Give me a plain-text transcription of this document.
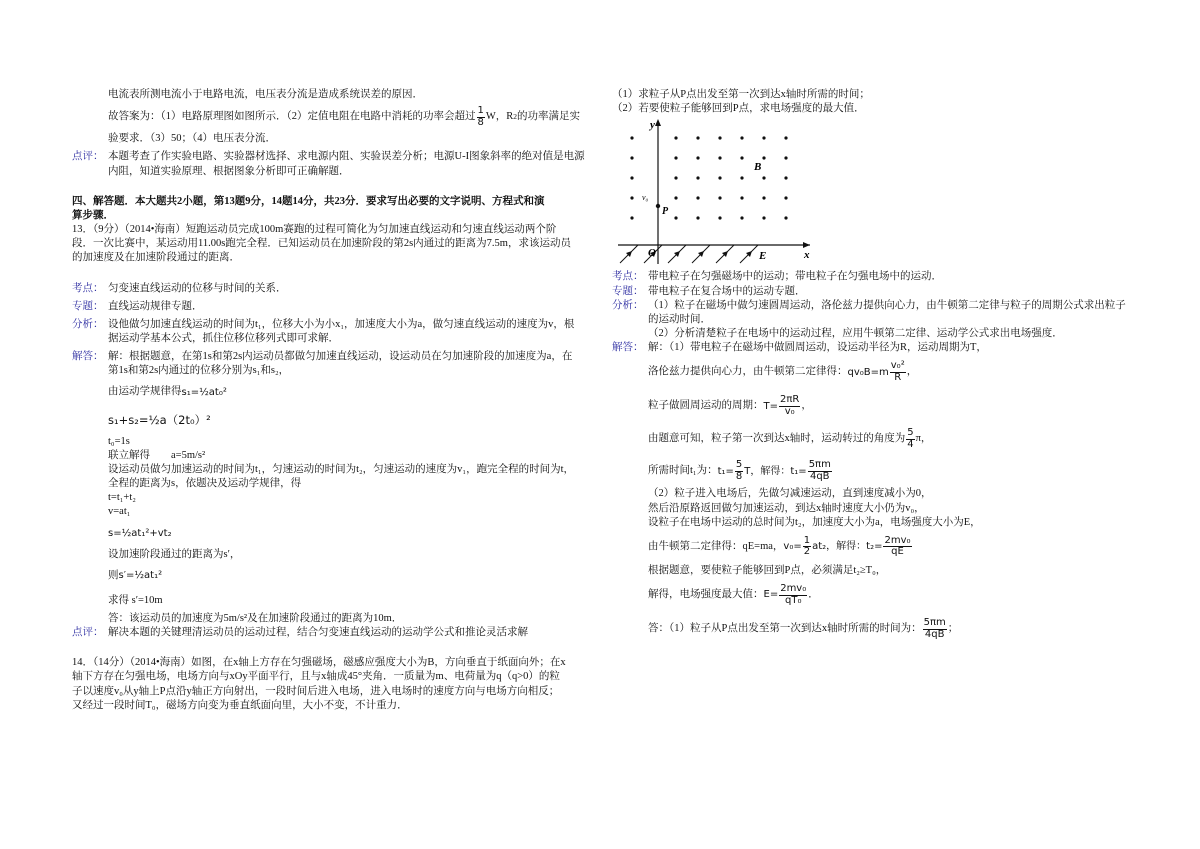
电流表所测电流小于电路电流，电压表分流是造成系统误差的原因．

故答案为：（1）电路原理图如图所示．（2）定值电阻在电路中消耗的功率会超过 $\frac{1}{8}$ W，R 2 的功率满足实

验要求．（3）50；（4）电压表分流．

点评： 本题考查了作实验电路、实验器材选择、求电源内阻、实验误差分析；电源U-I图象斜率的绝对值是电源

内阻，知道实验原理、根据图象分析即可正确解题．

四、解答题．本大题共2小题，第13题9分，14题14分，共23分．要求写出必要的文字说明、方程式和演

算步骤．

13．（9分）（2014•海南）短跑运动员完成100m赛跑的过程可简化为匀加速直线运动和匀速直线运动两个阶

段．一次比赛中，某运动用11.00s跑完全程．已知运动员在加速阶段的第2s内通过的距离为7.5m，求该运动员

的加速度及在加速阶段通过的距离．

考点： 匀变速直线运动的位移与时间的关系．

专题： 直线运动规律专题．

分析： 设他做匀加速直线运动的时间为t₁，位移大小为小x₁，加速度大小为a，做匀速直线运动的速度为v，根

据运动学基本公式，抓住位移位移列式即可求解．

解答： 解：根据题意，在第1s和第2s内运动员都做匀加速直线运动，设运动员在匀加速阶段的加速度为a，在

第1s和第2s内通过的位移分别为s₁和s₂，

由运动学规律得 s₁=½at₀²
s₁+s₂=½a（2t₀）²

t₀=1s

联立解得　　a=5m/s²

设运动员做匀加速运动的时间为t₁，匀速运动的时间为t₂，匀速运动的速度为v₁，跑完全程的时间为t，

全程的距离为s，依题决及运动学规律，得

t=t₁+t₂

v=at₁

s=½at₁²+vt₂

设加速阶段通过的距离为s′，

则 s′=½at₁²

求得 s′=10m

答：该运动员的加速度为5m/s²及在加速阶段通过的距离为10m．

点评： 解决本题的关键理清运动员的运动过程，结合匀变速直线运动的运动学公式和推论灵活求解

14．（14分）（2014•海南）如图，在x轴上方存在匀强磁场，磁感应强度大小为B，方向垂直于纸面向外；在x

轴下方存在匀强电场，电场方向与xOy平面平行，且与x轴成45°夹角．一质量为m、电荷量为q（q>0）的粒

子以速度v₀从y轴上P点沿y轴正方向射出，一段时间后进入电场，进入电场时的速度方向与电场方向相反；

又经过一段时间T₀，磁场方向变为垂直纸面向里，大小不变，不计重力．

（1）求粒子从P点出发至第一次到达x轴时所需的时间；

（2）若要使粒子能够回到P点，求电场强度的最大值．

y
x
O
B
E
P
v₀
考点： 带电粒子在匀强磁场中的运动；带电粒子在匀强电场中的运动．

专题： 带电粒子在复合场中的运动专题．

分析： （1）粒子在磁场中做匀速圆周运动，洛伦兹力提供向心力，由牛顿第二定律与粒子的周期公式求出粒子

的运动时间．

（2）分析清楚粒子在电场中的运动过程，应用牛顿第二定律、运动学公式求出电场强度．

解答： 解：（1）带电粒子在磁场中做圆周运动，设运动半径为R，运动周期为T，

洛伦兹力提供向心力，由牛顿第二定律得： $qv_0B=m \frac{\text{v₀²}}{R}$ ，
粒子做圆周运动的周期： $T= \frac{2\pi R}{\text{v₀}}$ ，
由题意可知，粒子第一次到达x轴时，运动转过的角度为 $\frac{5}{4}$ π，
所需时间t₁为： $t_1= \frac{5}{8}$ T，解得： $t_1= \frac{5\pi m}{4qB}$

（2）粒子进入电场后，先做匀减速运动，直到速度减小为0，

然后沿原路返回做匀加速运动，到达x轴时速度大小仍为v₀，

设粒子在电场中运动的总时间为t₂，加速度大小为a，电场强度大小为E，

由牛顿第二定律得：qE=ma， $v_0= \frac{1}{2} at_2$，解得： $t_2= \frac{\text{2mv₀}}{qE}$

根据题意，要使粒子能够回到P点，必须满足t₂≥T₀，

解得，电场强度最大值： $E= \frac{\text{2mv₀}}{\text{qT₀}}$ ．
答：（1）粒子从P点出发至第一次到达x轴时所需的时间为： $\frac{5\pi m}{4qB}$ ；
